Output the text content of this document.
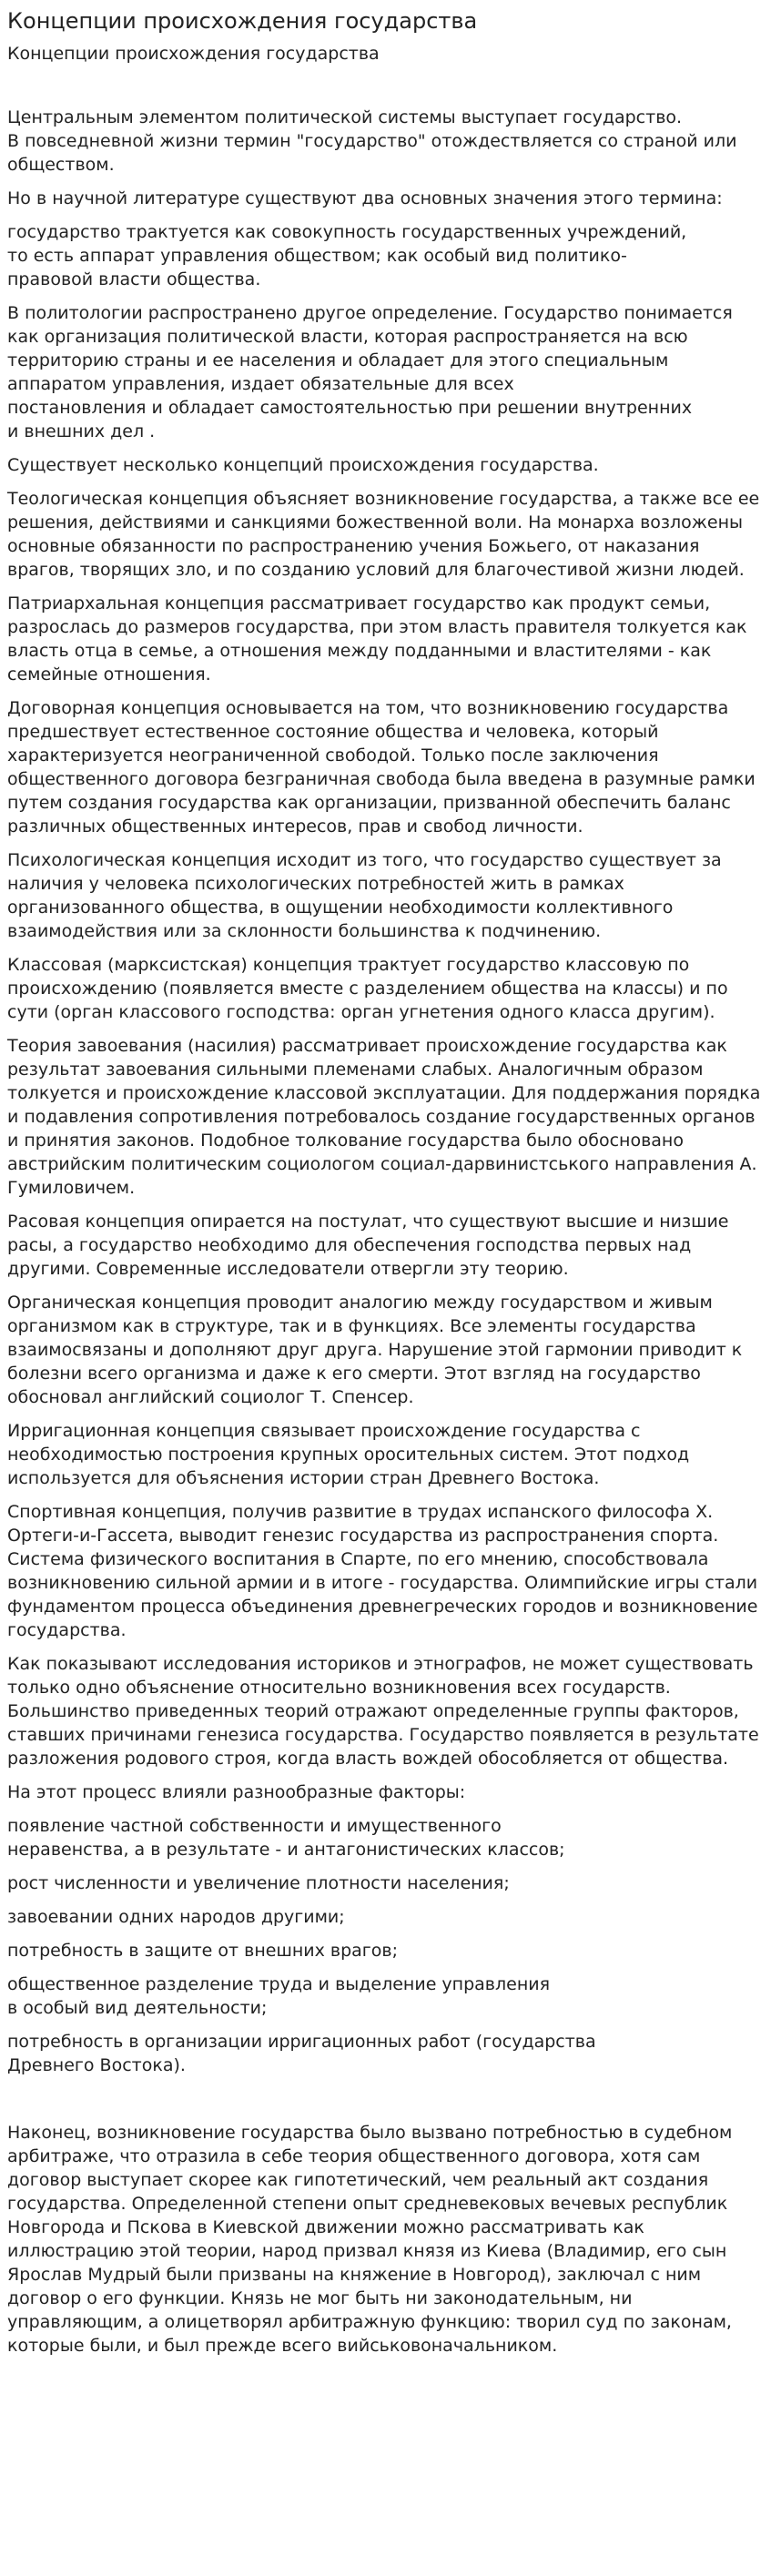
Концепции происхождения государства
Концепции происхождения государства

Центральным элементом политической системы выступает государство.
В повседневной жизни термин "государство" отождествляется со страной или обществом.

Но в научной литературе существуют два основных значения этого термина:

государство трактуется как совокупность государственных учреждений,
то есть аппарат управления обществом; как особый вид политико-
правовой власти общества.

В политологии распространено другое определение. Государство понимается как организация политической власти, которая распространяется на всю территорию страны и ее населения и обладает для этого специальным аппаратом управления, издает обязательные для всех
постановления и обладает самостоятельностью при решении внутренних
и внешних дел .

Существует несколько концепций происхождения государства.

Теологическая концепция объясняет возникновение государства, а также все ее решения, действиями и санкциями божественной воли. На монарха возложены основные обязанности по распространению учения Божьего, от наказания врагов, творящих зло, и по созданию условий для благочестивой жизни людей.

Патриархальная концепция рассматривает государство как продукт семьи, разрослась до размеров государства, при этом власть правителя толкуется как власть отца в семье, а отношения между подданными и властителями - как семейные отношения.

Договорная концепция основывается на том, что возникновению государства предшествует естественное состояние общества и человека, который характеризуется неограниченной свободой. Только после заключения общественного договора безграничная свобода была введена в разумные рамки путем создания государства как организации, призванной обеспечить баланс различных общественных интересов, прав и свобод личности.

Психологическая концепция исходит из того, что государство существует за наличия у человека психологических потребностей жить в рамках организованного общества, в ощущении необходимости коллективного взаимодействия или за склонности большинства к подчинению.

Классовая (марксистская) концепция трактует государство классовую по происхождению (появляется вместе с разделением общества на классы) и по сути (орган классового господства: орган угнетения одного класса другим).

Теория завоевания (насилия) рассматривает происхождение государства как результат завоевания сильными племенами слабых. Аналогичным образом толкуется и происхождение классовой эксплуатации. Для поддержания порядка и подавления сопротивления потребовалось создание государственных органов и принятия законов. Подобное толкование государства было обосновано австрийским политическим социологом социал-дарвинистського направления А. Гумиловичем.

Расовая концепция опирается на постулат, что существуют высшие и низшие расы, а государство необходимо для обеспечения господства первых над другими. Современные исследователи отвергли эту теорию.

Органическая концепция проводит аналогию между государством и живым организмом как в структуре, так и в функциях. Все элементы государства взаимосвязаны и дополняют друг друга. Нарушение этой гармонии приводит к болезни всего организма и даже к его смерти. Этот взгляд на государство обосновал английский социолог Т. Спенсер.

Ирригационная концепция связывает происхождение государства с необходимостью построения крупных оросительных систем. Этот подход используется для объяснения истории стран Древнего Востока.

Спортивная концепция, получив развитие в трудах испанского философа Х. Ортеги-и-Гассета, выводит генезис государства из распространения спорта. Система физического воспитания в Спарте, по его мнению, способствовала возникновению сильной армии и в итоге - государства. Олимпийские игры стали фундаментом процесса объединения древнегреческих городов и возникновение государства.

Как показывают исследования историков и этнографов, не может существовать только одно объяснение относительно возникновения всех государств. Большинство приведенных теорий отражают определенные группы факторов, ставших причинами генезиса государства. Государство появляется в результате разложения родового строя, когда власть вождей обособляется от общества.

На этот процесс влияли разнообразные факторы:

появление частной собственности и имущественного
неравенства, а в результате - и антагонистических классов;

рост численности и увеличение плотности населения;

завоевании одних народов другими;

потребность в защите от внешних врагов;

общественное разделение труда и выделение управления
в особый вид деятельности;

потребность в организации ирригационных работ (государства
Древнего Востока).

Наконец, возникновение государства было вызвано потребностью в судебном арбитраже, что отразила в себе теория общественного договора, хотя сам договор выступает скорее как гипотетический, чем реальный акт создания государства. Определенной степени опыт средневековых вечевых республик Новгорода и Пскова в Киевской движении можно рассматривать как иллюстрацию этой теории, народ призвал князя из Киева (Владимир, его сын Ярослав Мудрый были призваны на княжение в Новгород), заключал с ним договор о его функции. Князь не мог быть ни законодательным, ни управляющим, а олицетворял арбитражную функцию: творил суд по законам, которые были, и был прежде всего вийськовоначальником.
